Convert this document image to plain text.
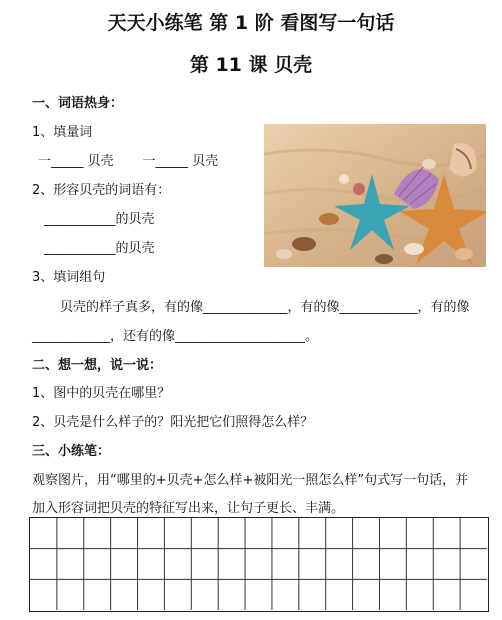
天天小练笔 第 1 阶 看图写一句话
第 11 课 贝壳
一、词语热身：
1、填量词
一_____ 贝壳       一_____ 贝壳
2、形容贝壳的词语有：
___________的贝壳
___________的贝壳
3、填词组句
贝壳的样子真多，有的像_____________，有的像____________，有的像
____________，还有的像____________________。
二、想一想，说一说：
1、图中的贝壳在哪里？
2、贝壳是什么样子的？阳光把它们照得怎么样？
三、小练笔：
观察图片，用“哪里的+贝壳+怎么样+被阳光一照怎么样”句式写一句话，并
加入形容词把贝壳的特征写出来，让句子更长、丰满。
